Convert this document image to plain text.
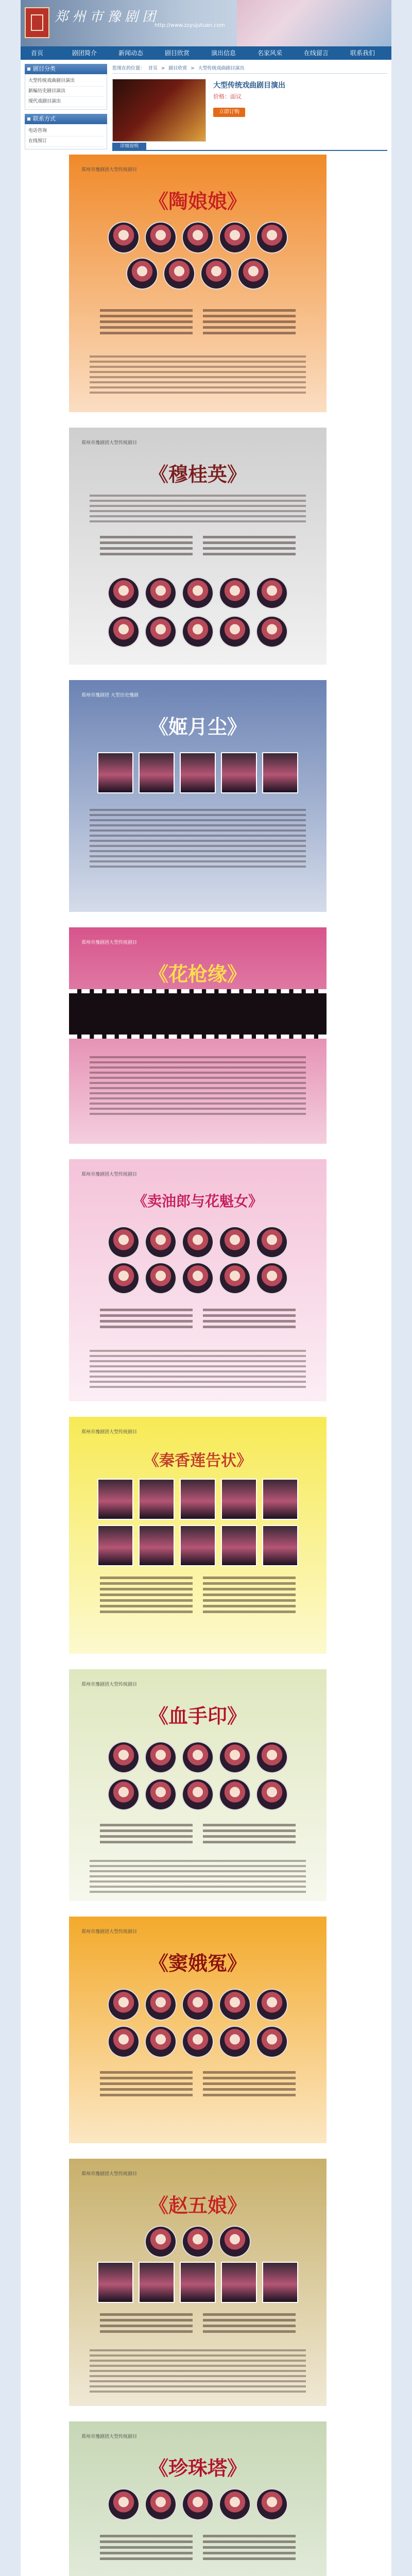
郑州市豫剧团
http://www.zzyujutuan.com
首页	剧团简介	新闻动态	剧目欣赏	演出信息	名家风采	在线留言	联系我们
剧目分类
大型传统戏曲剧目演出
新编历史剧目演出
现代戏剧目演出
联系方式
电话咨询
在线预订
您现在的位置： 首页 > 剧目欣赏 > 大型传统戏曲剧目演出
大型传统戏曲剧目演出
价格：面议
立即订购
详细说明
郑州市豫剧团大型传统剧目
《陶娘娘》
郑州市豫剧团大型传统剧目
《穆桂英》
郑州市豫剧团 大型历史豫剧
《姬月尘》
郑州市豫剧团大型传统剧目
《花枪缘》
郑州市豫剧团大型传统剧目
《卖油郎与花魁女》
郑州市豫剧团大型传统剧目
《秦香莲告状》
郑州市豫剧团大型传统剧目
《血手印》
郑州市豫剧团大型传统剧目
《窦娥冤》
郑州市豫剧团大型传统剧目
《赵五娘》
郑州市豫剧团大型传统剧目
《珍珠塔》
